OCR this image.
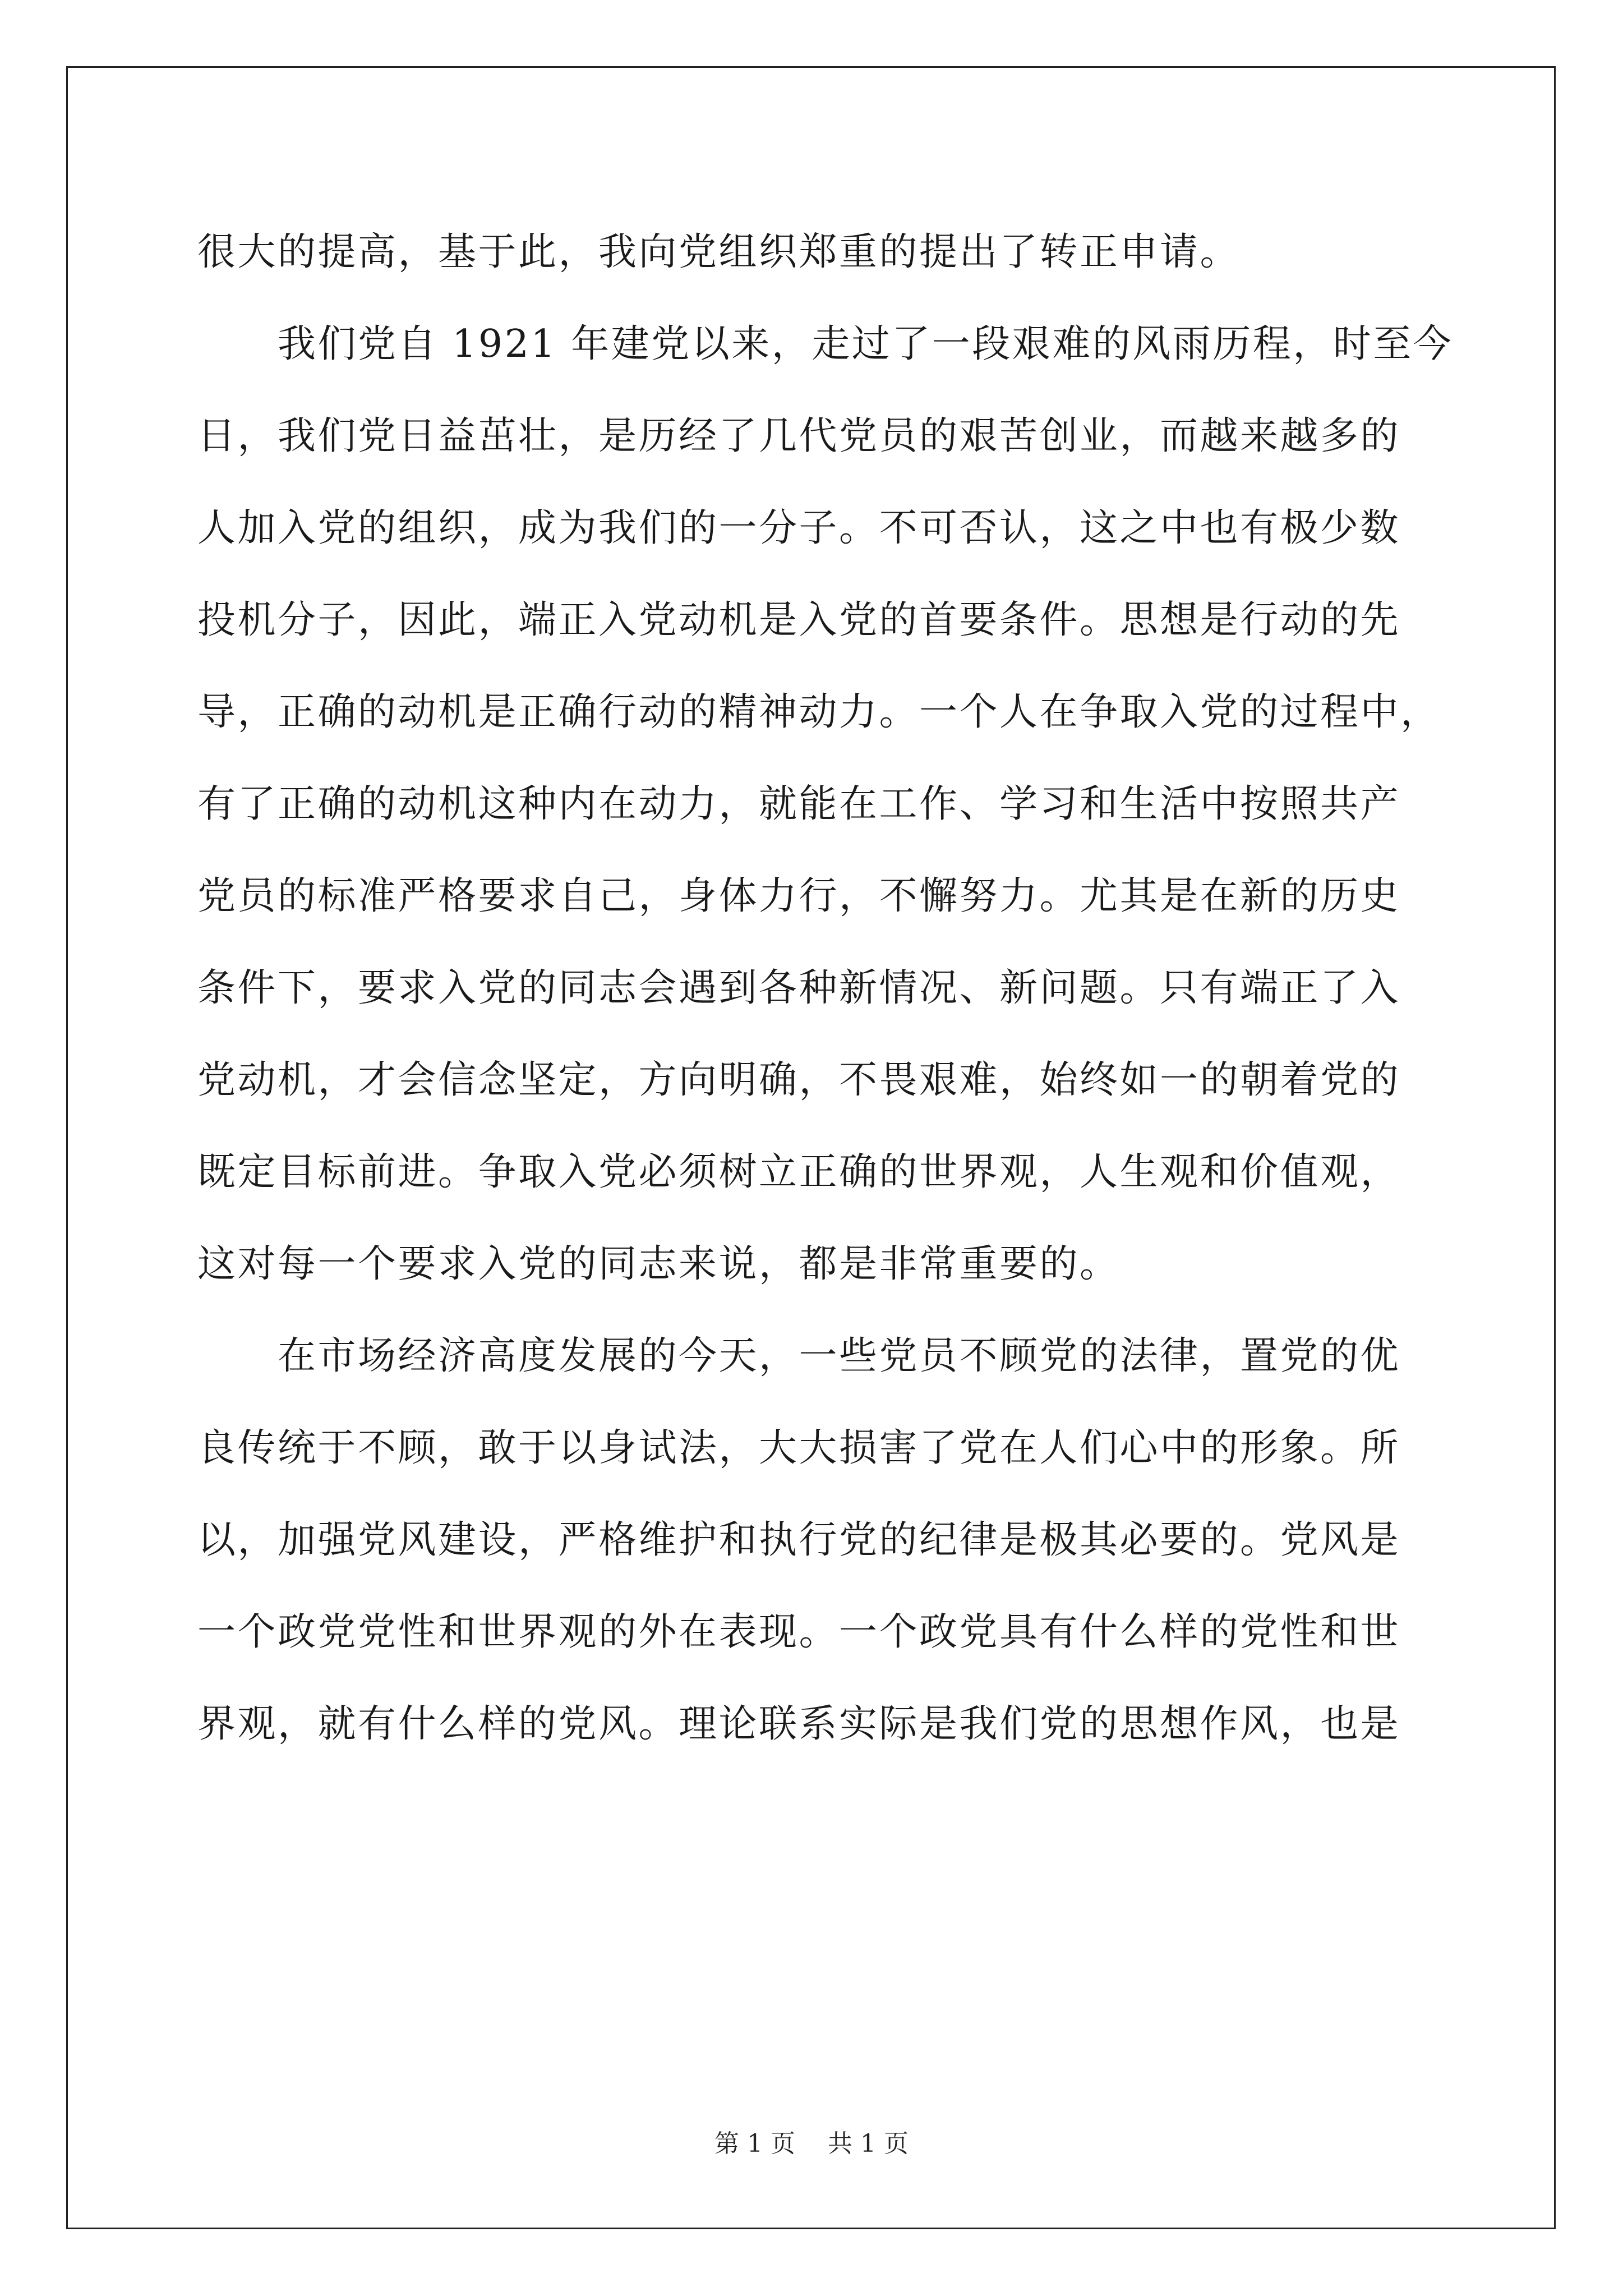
很大的提高，基于此，我向党组织郑重的提出了转正申请。
　　我们党自 1921 年建党以来，走过了一段艰难的风雨历程，时至今
日，我们党日益茁壮，是历经了几代党员的艰苦创业，而越来越多的
人加入党的组织，成为我们的一分子。不可否认，这之中也有极少数
投机分子，因此，端正入党动机是入党的首要条件。思想是行动的先
导，正确的动机是正确行动的精神动力。一个人在争取入党的过程中，
有了正确的动机这种内在动力，就能在工作、学习和生活中按照共产
党员的标准严格要求自己，身体力行，不懈努力。尤其是在新的历史
条件下，要求入党的同志会遇到各种新情况、新问题。只有端正了入
党动机，才会信念坚定，方向明确，不畏艰难，始终如一的朝着党的
既定目标前进。争取入党必须树立正确的世界观，人生观和价值观，
这对每一个要求入党的同志来说，都是非常重要的。
　　在市场经济高度发展的今天，一些党员不顾党的法律，置党的优
良传统于不顾，敢于以身试法，大大损害了党在人们心中的形象。所
以，加强党风建设，严格维护和执行党的纪律是极其必要的。党风是
一个政党党性和世界观的外在表现。一个政党具有什么样的党性和世
界观，就有什么样的党风。理论联系实际是我们党的思想作风，也是
第 1 页　 共 1 页
